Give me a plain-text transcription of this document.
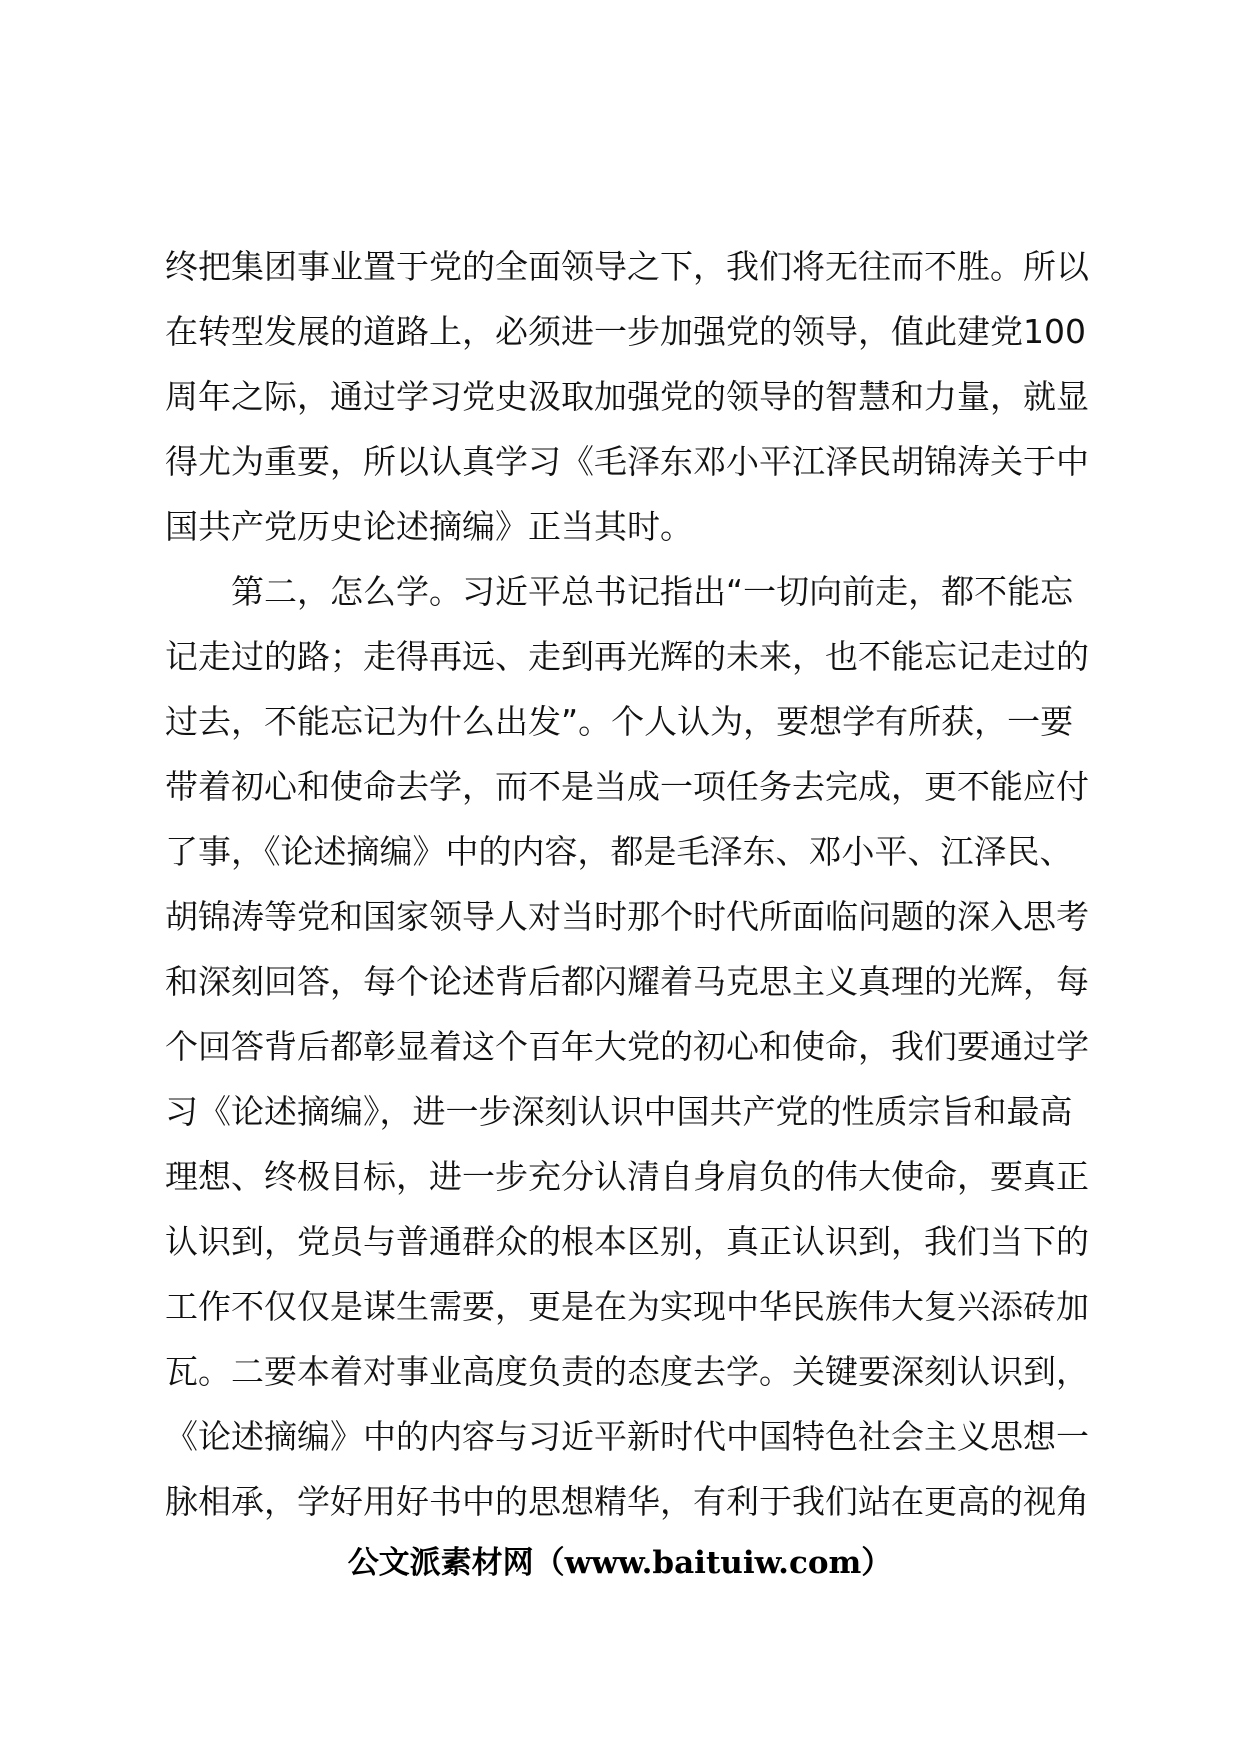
终把集团事业置于党的全面领导之下，我们将无往而不胜。所以
在转型发展的道路上，必须进一步加强党的领导，值此建党100
周年之际，通过学习党史汲取加强党的领导的智慧和力量，就显
得尤为重要，所以认真学习《毛泽东邓小平江泽民胡锦涛关于中
国共产党历史论述摘编》正当其时。
　　第二，怎么学。习近平总书记指出“一切向前走，都不能忘
记走过的路；走得再远、走到再光辉的未来，也不能忘记走过的
过去，不能忘记为什么出发”。个人认为，要想学有所获，一要
带着初心和使命去学，而不是当成一项任务去完成，更不能应付
了事，《论述摘编》中的内容，都是毛泽东、邓小平、江泽民、
胡锦涛等党和国家领导人对当时那个时代所面临问题的深入思考
和深刻回答，每个论述背后都闪耀着马克思主义真理的光辉，每
个回答背后都彰显着这个百年大党的初心和使命，我们要通过学
习《论述摘编》，进一步深刻认识中国共产党的性质宗旨和最高
理想、终极目标，进一步充分认清自身肩负的伟大使命，要真正
认识到，党员与普通群众的根本区别，真正认识到，我们当下的
工作不仅仅是谋生需要，更是在为实现中华民族伟大复兴添砖加
瓦。二要本着对事业高度负责的态度去学。关键要深刻认识到，
《论述摘编》中的内容与习近平新时代中国特色社会主义思想一
脉相承，学好用好书中的思想精华，有利于我们站在更高的视角
公文派素材网（www.baituiw.com）
